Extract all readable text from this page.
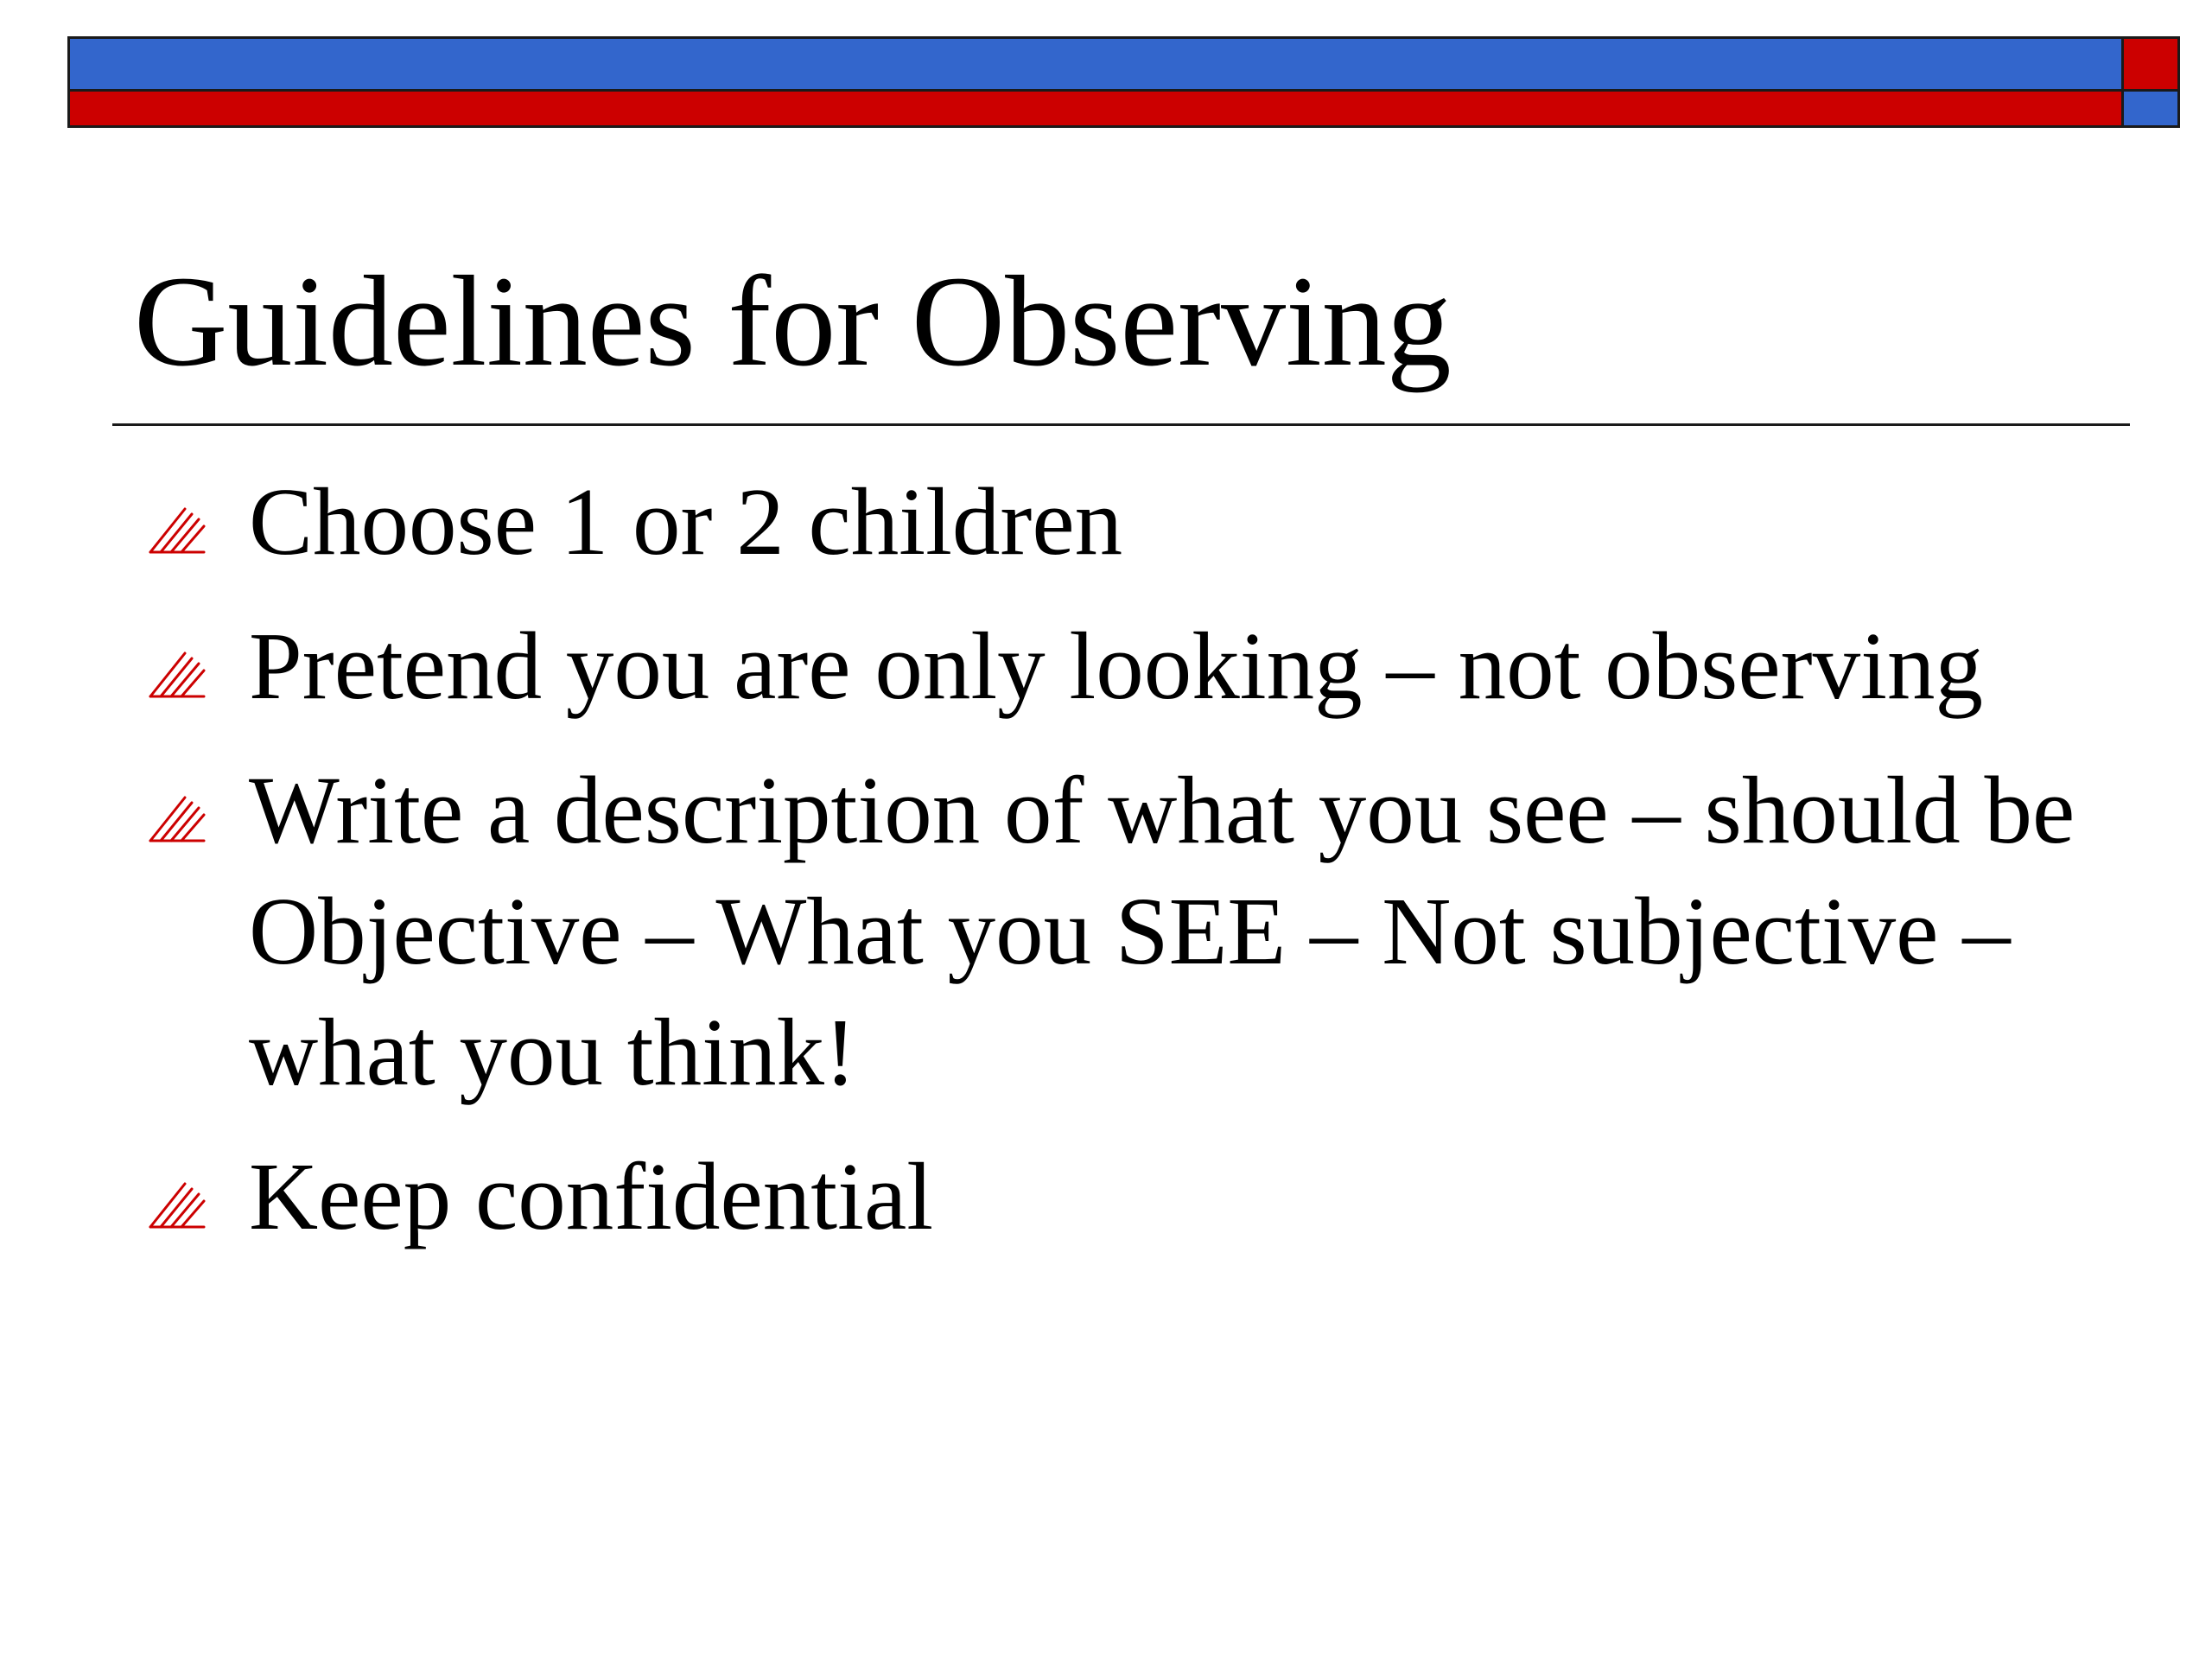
Guidelines for Observing
Choose 1 or 2 children
Pretend you are only looking – not observing
Write a description of what you see – should be Objective – What you SEE – Not subjective – what you think!
Keep confidential
